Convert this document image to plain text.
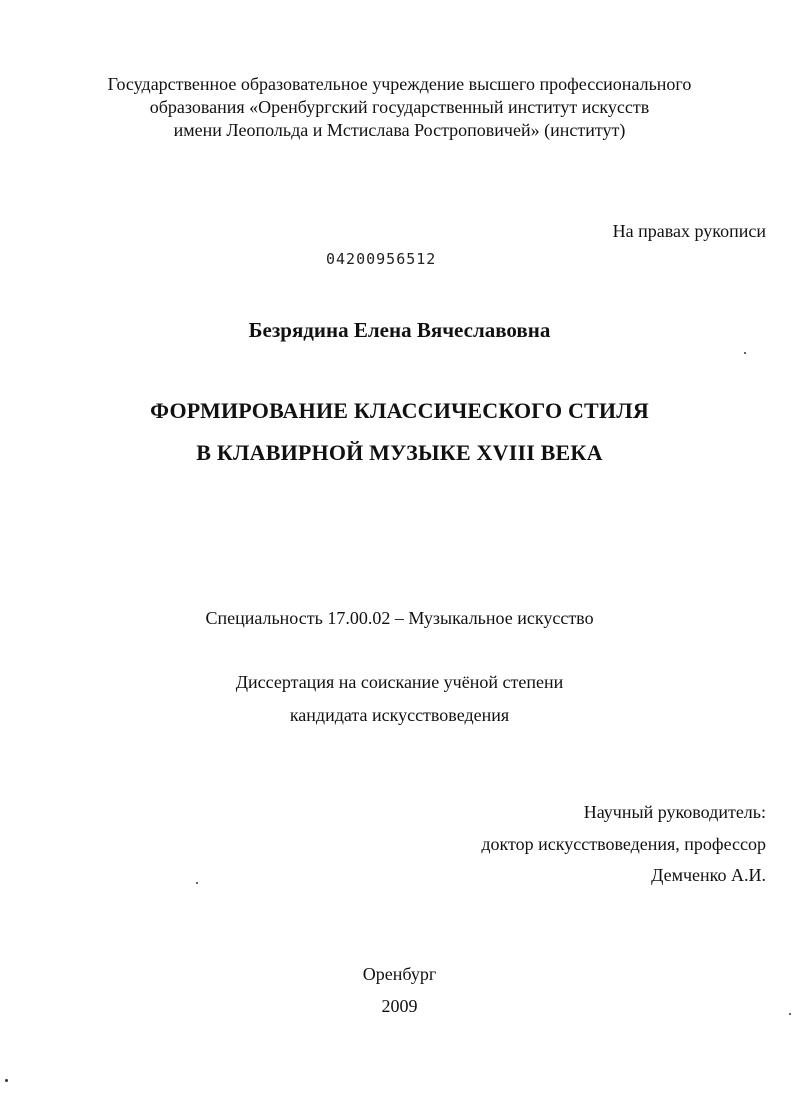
Государственное образовательное учреждение высшего профессионального
образования «Оренбургский государственный институт искусств
имени Леопольда и Мстислава Ростроповичей» (институт)
На правах рукописи
04200956512
Безрядина Елена Вячеславовна
ФОРМИРОВАНИЕ КЛАССИЧЕСКОГО СТИЛЯ
В КЛАВИРНОЙ МУЗЫКЕ XVIII ВЕКА
Специальность 17.00.02 – Музыкальное искусство
Диссертация на соискание учёной степени
кандидата искусствоведения
Научный руководитель:
доктор искусствоведения, профессор
Демченко А.И.
Оренбург
2009
